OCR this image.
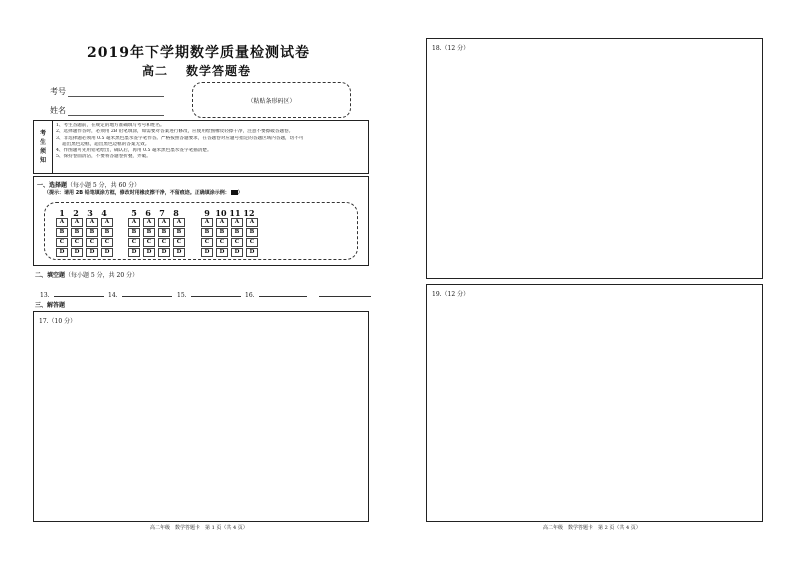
2019年下学期数学质量检测试卷
高二 数学答题卷
考号
姓名
（粘贴条形码区）
考
生
须
知
1、考生答题前，在规定的地方准确填写考号和姓名。
2、选择题作答时，必须用 2B 铅笔填涂，如需要对答案进行修改，应使用绘图橡皮轻擦干净，注意不要擦破答题卷。
3、非选择题必须用 0.5 毫米黑色墨水签字笔作答。严格按照答题要求，在答题卷对应题号指定的答题区域内答题，切不可
超出黑色边框，超出黑色边框的答案无效。
4、作图题可先用铅笔绘出，确认后，再用 0.5 毫米黑色墨水签字笔描清楚。
5、保持卷面清洁，不要将答题卷折叠，弄破。
一、选择题（每小题 5 分，共 60 分）
（提示：请用 2B 铅笔填涂方框，修改时用橡皮擦干净，不留痕迹。正确填涂示例： ）
1	2	3	4
A	A	A	A
B	B	B	B
C	C	C	C
D	D	D	D
5	6	7	8
A	A	A	A
B	B	B	B
C	C	C	C
D	D	D	D
9 10 11 12
A	A	A	A
B	B	B	B
C	C	C	C
D	D	D	D
二、填空题（每小题 5 分，共 20 分）
13.	14.	15.	16.
三、解答题
17.（10 分）
高二年级　数学答题卡　第 1 页（共 4 页）
18.（12 分）
19.（12 分）
高二年级　数学答题卡　第 2 页（共 4 页）
